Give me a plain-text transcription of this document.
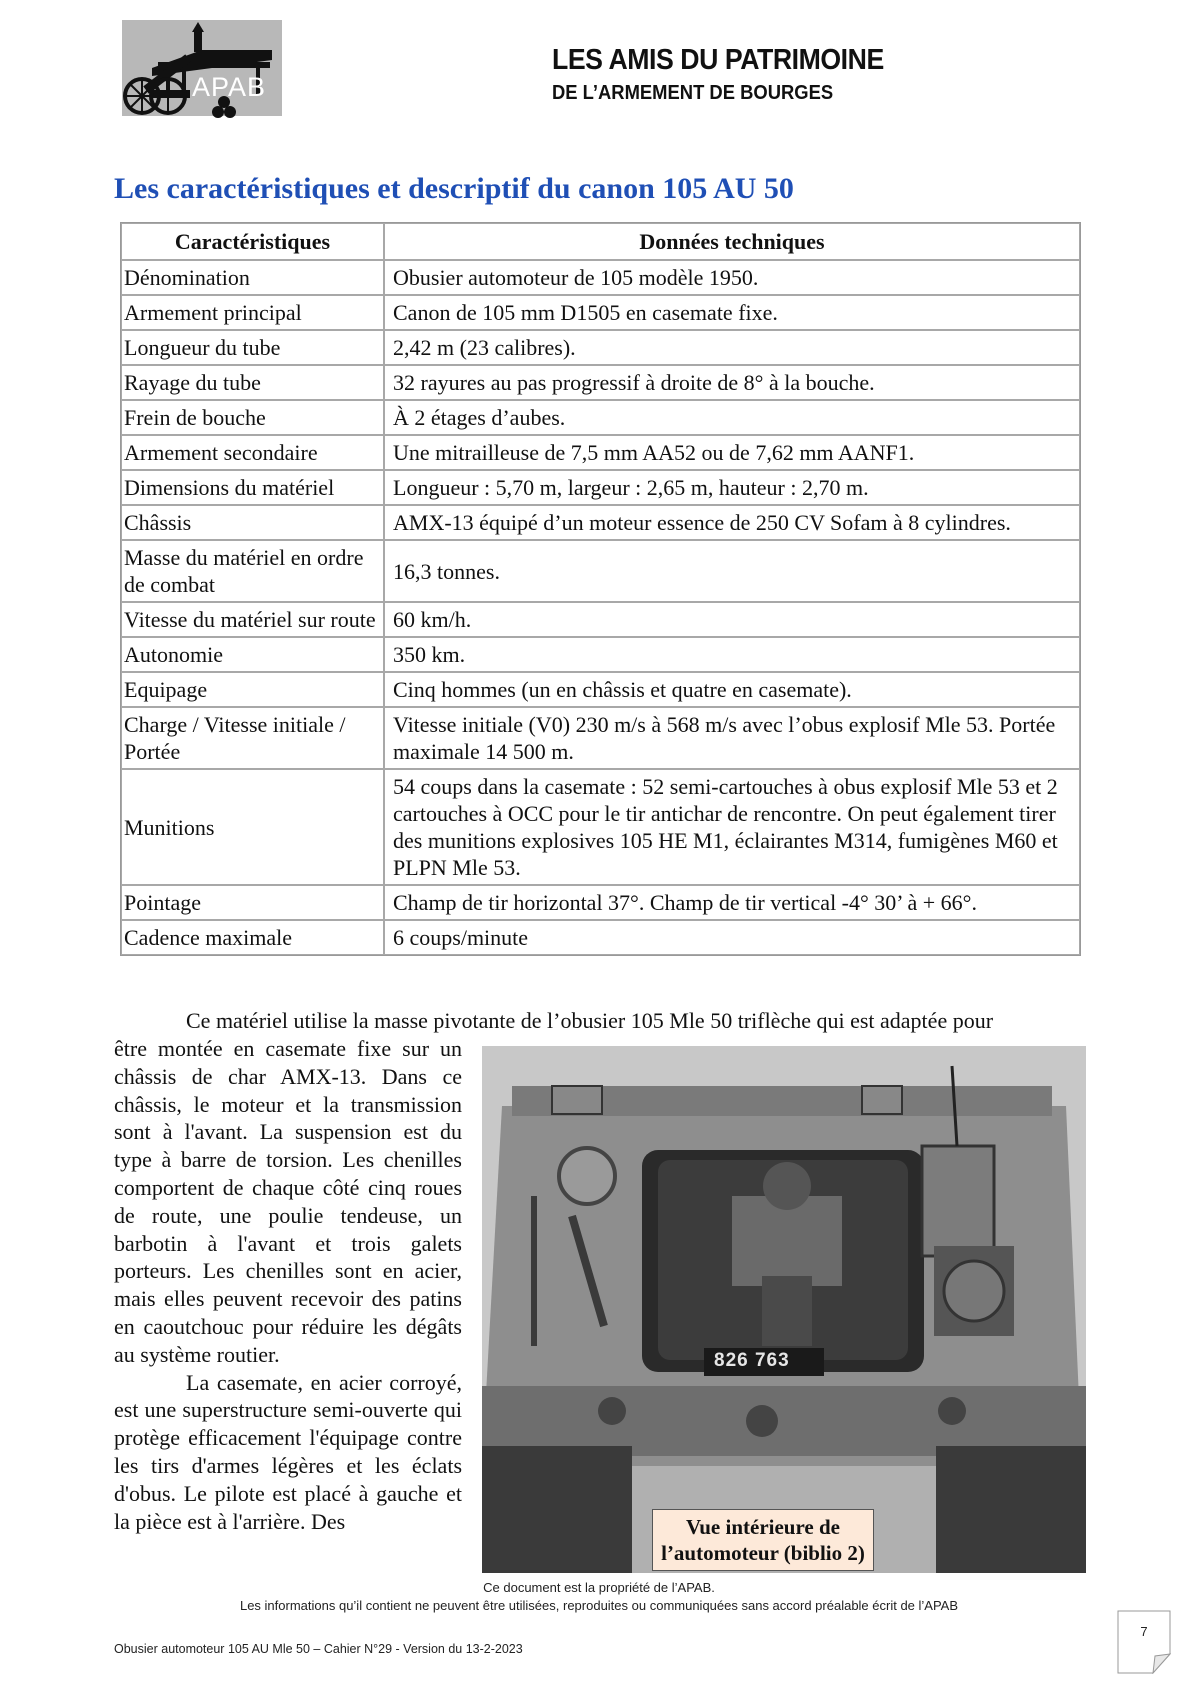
APAB
LES AMIS DU PATRIMOINE
DE L’ARMEMENT DE BOURGES
Les caractéristiques et descriptif du canon 105 AU 50
Caractéristiques	Données techniques
Dénomination	Obusier automoteur de 105 modèle 1950.
Armement principal	Canon de 105 mm D1505 en casemate fixe.
Longueur du tube	2,42 m (23 calibres).
Rayage du tube	32 rayures au pas progressif à droite de 8° à la bouche.
Frein de bouche	À 2 étages d’aubes.
Armement secondaire	Une mitrailleuse de 7,5 mm AA52 ou de 7,62 mm AANF1.
Dimensions du matériel	Longueur : 5,70 m, largeur : 2,65 m, hauteur : 2,70 m.
Châssis	AMX-13 équipé d’un moteur essence de 250 CV Sofam à 8 cylindres.
Masse du matériel en ordre de combat	16,3 tonnes.
Vitesse du matériel sur route	60 km/h.
Autonomie	350 km.
Equipage	Cinq hommes (un en châssis et quatre en casemate).
Charge / Vitesse initiale / Portée	Vitesse initiale (V0) 230 m/s à 568 m/s avec l’obus explosif Mle 53. Portée maximale 14 500 m.
Munitions	54 coups dans la casemate : 52 semi-cartouches à obus explosif Mle 53 et 2 cartouches à OCC pour le tir antichar de rencontre. On peut également tirer des munitions explosives 105 HE M1, éclairantes M314, fumigènes M60 et PLPN Mle 53.
Pointage	Champ de tir horizontal 37°. Champ de tir vertical -4° 30’ à + 66°.
Cadence maximale	6 coups/minute
Ce matériel utilise la masse pivotante de l’obusier 105 Mle 50 triflèche qui est adaptée pour

être montée en casemate fixe sur un châssis de char AMX-13. Dans ce châssis, le moteur et la transmission sont à l'avant. La suspension est du type à barre de torsion. Les chenilles comportent de chaque côté cinq roues de route, une poulie tendeuse, un barbotin à l'avant et trois galets porteurs. Les chenilles sont en acier, mais elles peuvent recevoir des patins en caoutchouc pour réduire les dégâts au système routier.

La casemate, en acier corroyé, est une superstructure semi-ouverte qui protège efficacement l'équipage contre les tirs d'armes légères et les éclats d'obus. Le pilote est placé à gauche et la pièce est à l'arrière. Des

826 763
Vue intérieure de l’automoteur (biblio 2)
Ce document est la propriété de l’APAB.
Les informations qu’il contient ne peuvent être utilisées, reproduites ou communiquées sans accord préalable écrit de l’APAB
Obusier automoteur 105 AU Mle 50 – Cahier N°29 - Version du 13-2-2023
7
